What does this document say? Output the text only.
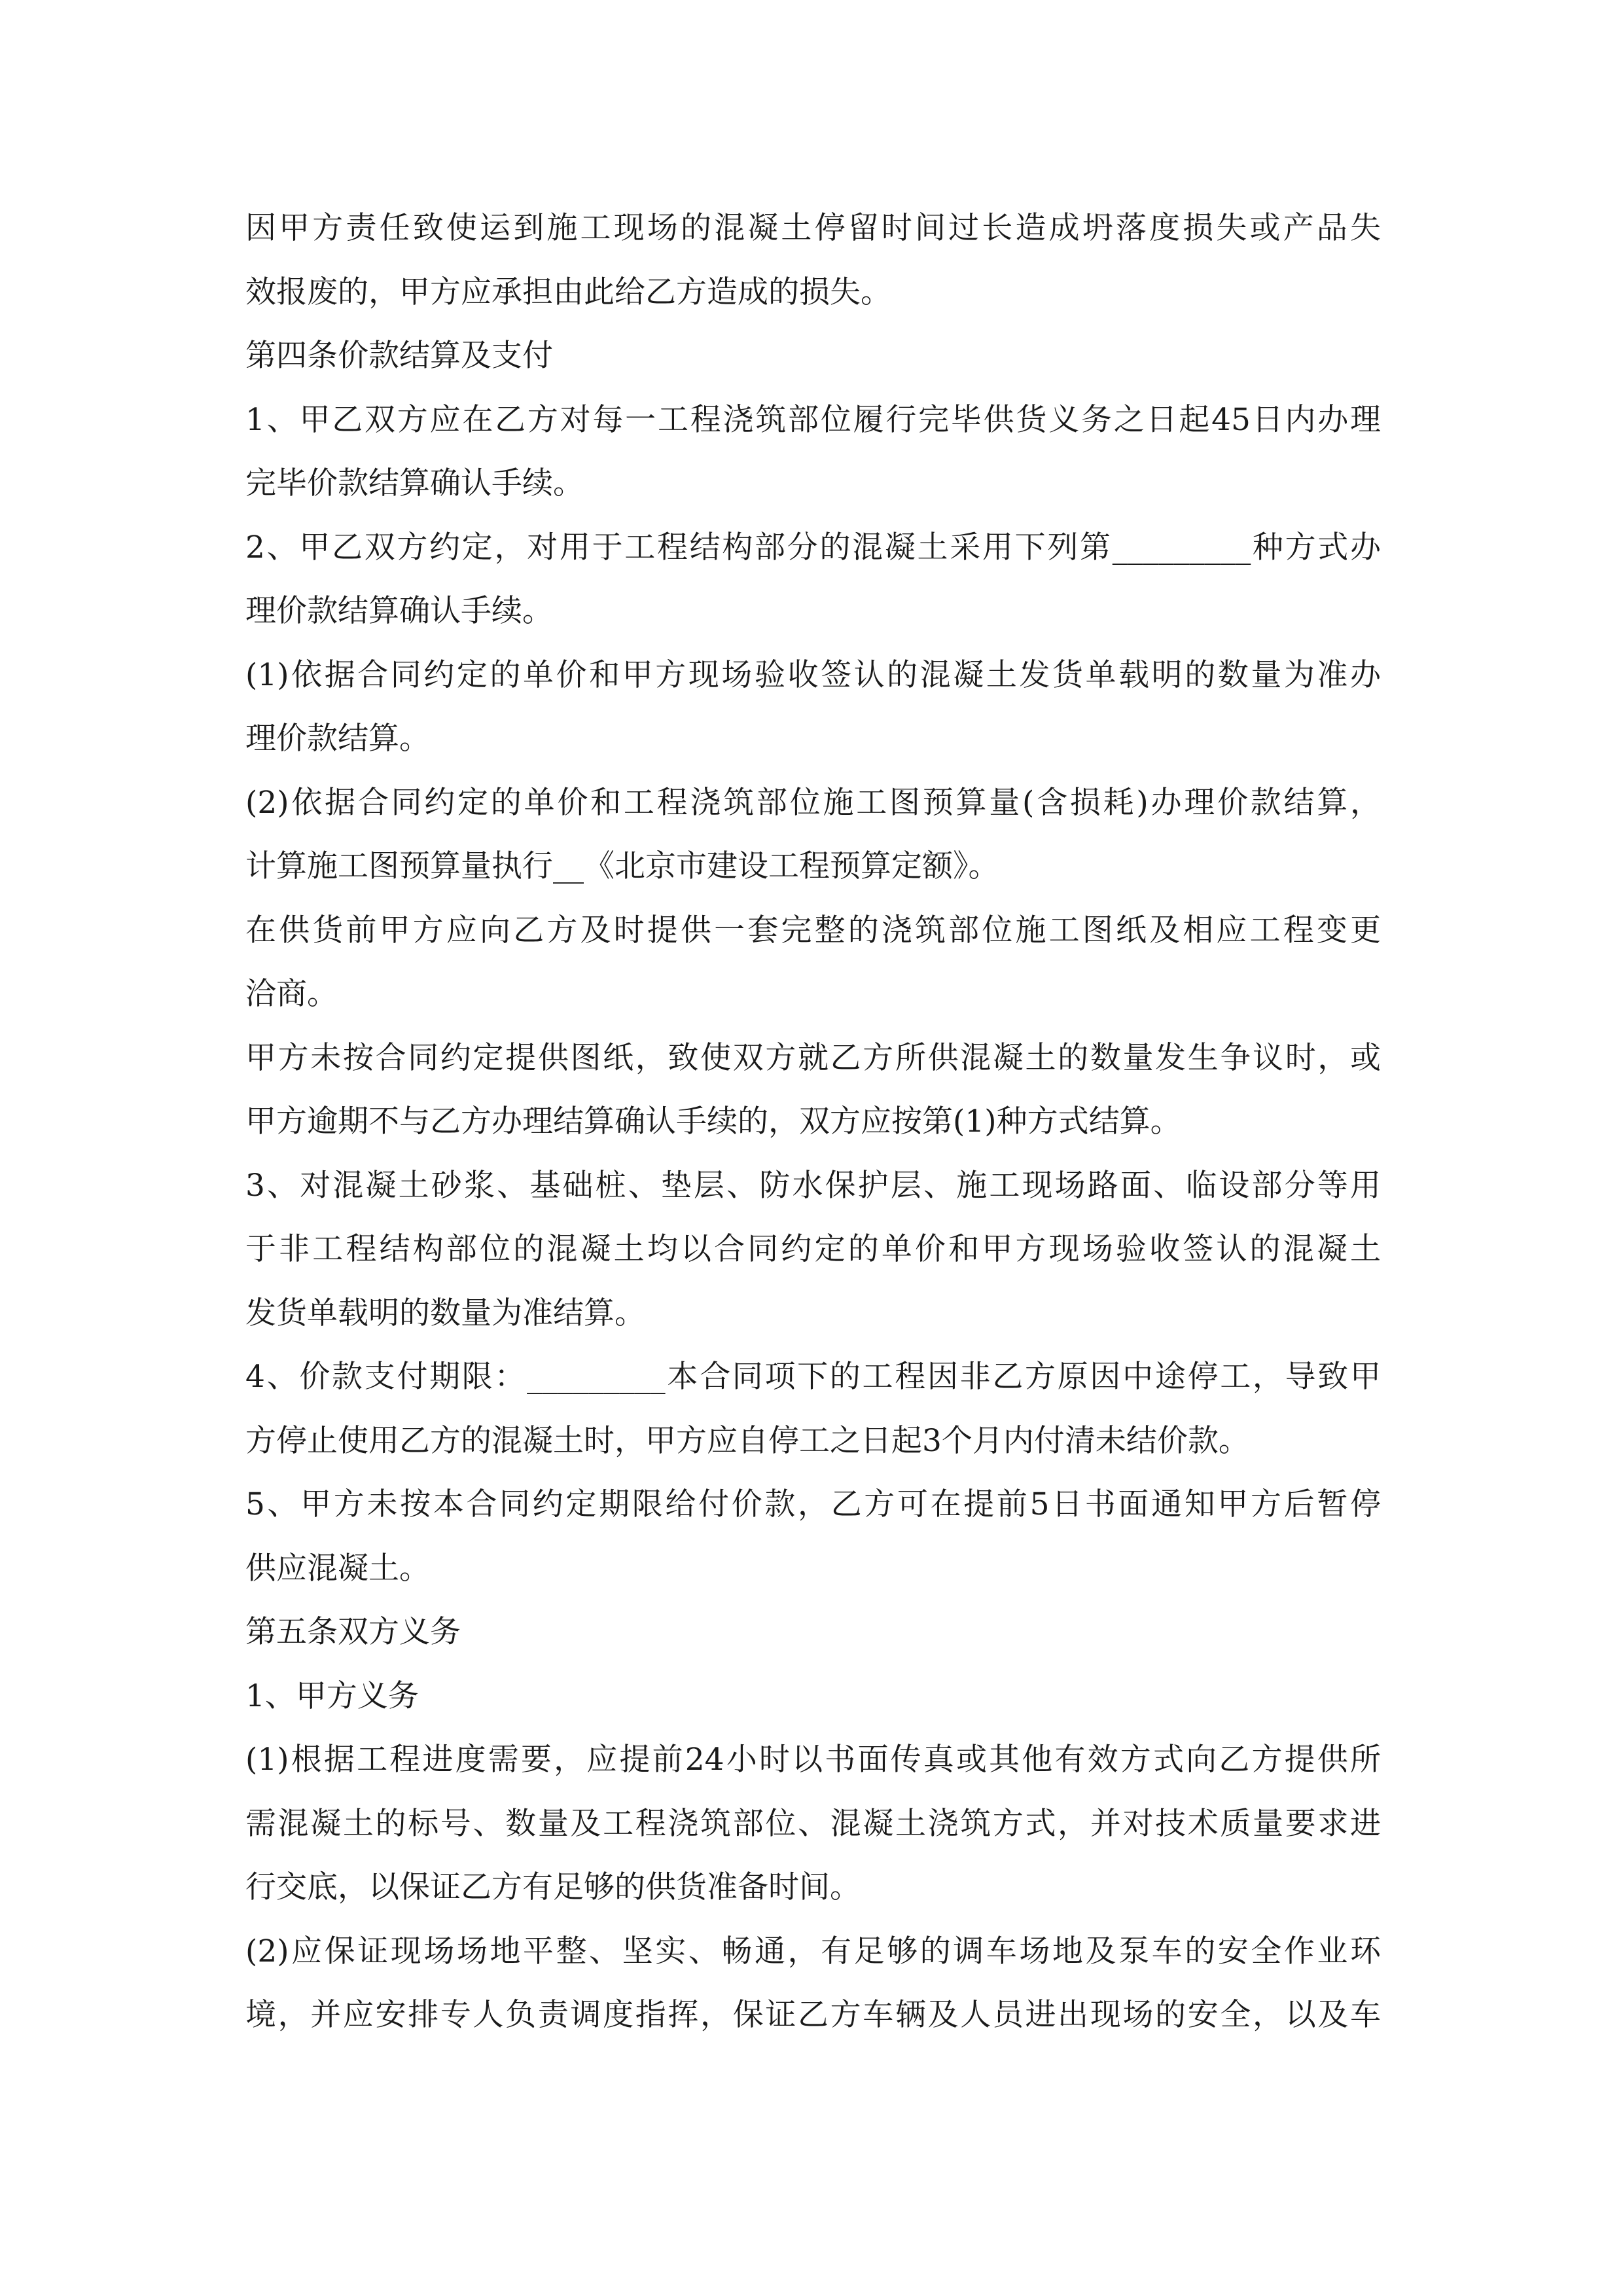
因甲方责任致使运到施工现场的混凝土停留时间过长造成坍落度损失或产品失
效报废的，甲方应承担由此给乙方造成的损失。
第四条价款结算及支付
1、甲乙双方应在乙方对每一工程浇筑部位履行完毕供货义务之日起45日内办理
完毕价款结算确认手续。
2、甲乙双方约定，对用于工程结构部分的混凝土采用下列第_________种方式办
理价款结算确认手续。
(1)依据合同约定的单价和甲方现场验收签认的混凝土发货单载明的数量为准办
理价款结算。
(2)依据合同约定的单价和工程浇筑部位施工图预算量(含损耗)办理价款结算，
计算施工图预算量执行__《北京市建设工程预算定额》。
在供货前甲方应向乙方及时提供一套完整的浇筑部位施工图纸及相应工程变更
洽商。
甲方未按合同约定提供图纸，致使双方就乙方所供混凝土的数量发生争议时，或
甲方逾期不与乙方办理结算确认手续的，双方应按第(1)种方式结算。
3、对混凝土砂浆、基础桩、垫层、防水保护层、施工现场路面、临设部分等用
于非工程结构部位的混凝土均以合同约定的单价和甲方现场验收签认的混凝土
发货单载明的数量为准结算。
4、价款支付期限：_________本合同项下的工程因非乙方原因中途停工，导致甲
方停止使用乙方的混凝土时，甲方应自停工之日起3个月内付清未结价款。
5、甲方未按本合同约定期限给付价款，乙方可在提前5日书面通知甲方后暂停
供应混凝土。
第五条双方义务
1、甲方义务
(1)根据工程进度需要，应提前24小时以书面传真或其他有效方式向乙方提供所
需混凝土的标号、数量及工程浇筑部位、混凝土浇筑方式，并对技术质量要求进
行交底，以保证乙方有足够的供货准备时间。
(2)应保证现场场地平整、坚实、畅通，有足够的调车场地及泵车的安全作业环
境，并应安排专人负责调度指挥，保证乙方车辆及人员进出现场的安全，以及车
